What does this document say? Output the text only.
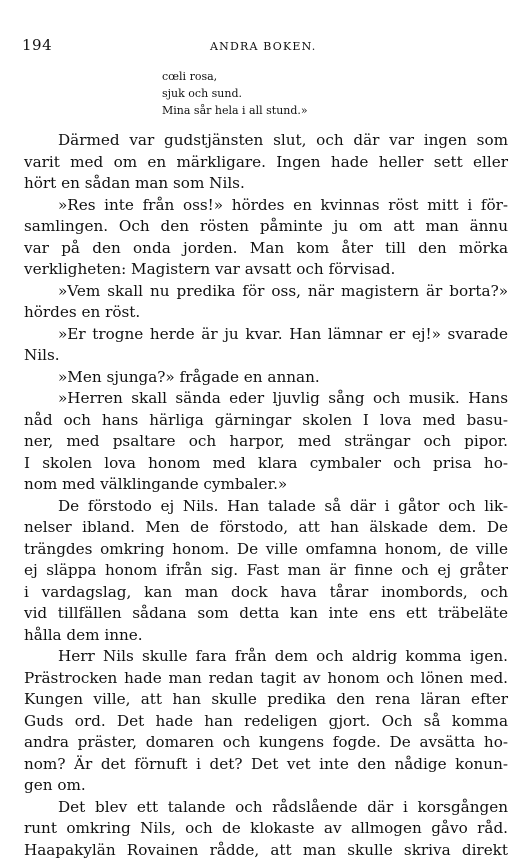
194	ANDRA BOKEN.
cœli rosa,
sjuk och sund.
Mina sår hela i all stund.»
Därmed var gudstjänsten slut, och där var ingen som
varit med om en märkligare. Ingen hade heller sett eller
hört en sådan man som Nils.
»Res inte från oss!» hördes en kvinnas röst mitt i för-
samlingen. Och den rösten påminte ju om att man ännu
var på den onda jorden. Man kom åter till den mörka
verkligheten: Magistern var avsatt och förvisad.
»Vem skall nu predika för oss, när magistern är borta?»
hördes en röst.
»Er trogne herde är ju kvar. Han lämnar er ej!» svarade
Nils.
»Men sjunga?» frågade en annan.
»Herren skall sända eder ljuvlig sång och musik. Hans
nåd och hans härliga gärningar skolen I lova med basu-
ner, med psaltare och harpor, med strängar och pipor.
I skolen lova honom med klara cymbaler och prisa ho-
nom med välklingande cymbaler.»
De förstodo ej Nils. Han talade så där i gåtor och lik-
nelser ibland. Men de förstodo, att han älskade dem. De
trängdes omkring honom. De ville omfamna honom, de ville
ej släppa honom ifrån sig. Fast man är finne och ej gråter
i vardagslag, kan man dock hava tårar inombords, och
vid tillfällen sådana som detta kan inte ens ett träbeläte
hålla dem inne.
Herr Nils skulle fara från dem och aldrig komma igen.
Prästrocken hade man redan tagit av honom och lönen med.
Kungen ville, att han skulle predika den rena läran efter
Guds ord. Det hade han redeligen gjort. Och så komma
andra präster, domaren och kungens fogde. De avsätta ho-
nom? Är det förnuft i det? Det vet inte den nådige konun-
gen om.
Det blev ett talande och rådslående där i korsgången
runt omkring Nils, och de klokaste av allmogen gåvo råd.
Haapakylän Rovainen rådde, att man skulle skriva direkt
